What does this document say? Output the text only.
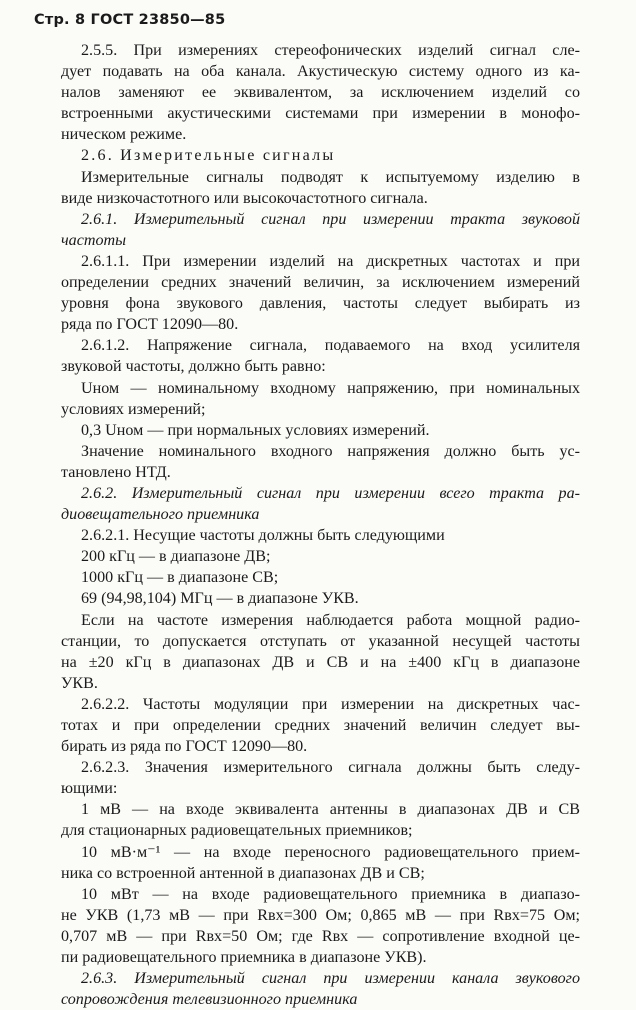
Стр. 8 ГОСТ 23850—85
2.5.5. При измерениях стереофонических изделий сигнал сле-
дует подавать на оба канала. Акустическую систему одного из ка-
налов заменяют ее эквивалентом, за исключением изделий со
встроенными акустическими системами при измерении в монофо-
ническом режиме.
2.6. Измерительные сигналы
Измерительные сигналы подводят к испытуемому изделию в
виде низкочастотного или высокочастотного сигнала.
2.6.1. Измерительный сигнал при измерении тракта звуковой
частоты
2.6.1.1. При измерении изделий на дискретных частотах и при
определении средних значений величин, за исключением измерений
уровня фона звукового давления, частоты следует выбирать из
ряда по ГОСТ 12090—80.
2.6.1.2. Напряжение сигнала, подаваемого на вход усилителя
звуковой частоты, должно быть равно:
Uном — номинальному входному напряжению, при номинальных
условиях измерений;
0,3 Uном — при нормальных условиях измерений.
Значение номинального входного напряжения должно быть ус-
тановлено НТД.
2.6.2. Измерительный сигнал при измерении всего тракта ра-
диовещательного приемника
2.6.2.1. Несущие частоты должны быть следующими
200 кГц — в диапазоне ДВ;
1000 кГц — в диапазоне СВ;
69 (94,98,104) МГц — в диапазоне УКВ.
Если на частоте измерения наблюдается работа мощной радио-
станции, то допускается отступать от указанной несущей частоты
на ±20 кГц в диапазонах ДВ и СВ и на ±400 кГц в диапазоне
УКВ.
2.6.2.2. Частоты модуляции при измерении на дискретных час-
тотах и при определении средних значений величин следует вы-
бирать из ряда по ГОСТ 12090—80.
2.6.2.3. Значения измерительного сигнала должны быть следу-
ющими:
1 мВ — на входе эквивалента антенны в диапазонах ДВ и СВ
для стационарных радиовещательных приемников;
10 мВ·м⁻¹ — на входе переносного радиовещательного прием-
ника со встроенной антенной в диапазонах ДВ и СВ;
10 мВт — на входе радиовещательного приемника в диапазо-
не УКВ (1,73 мВ — при Rвх=300 Ом; 0,865 мВ — при Rвх=75 Ом;
0,707 мВ — при Rвх=50 Ом; где Rвх — сопротивление входной це-
пи радиовещательного приемника в диапазоне УКВ).
2.6.3. Измерительный сигнал при измерении канала звукового
сопровождения телевизионного приемника
